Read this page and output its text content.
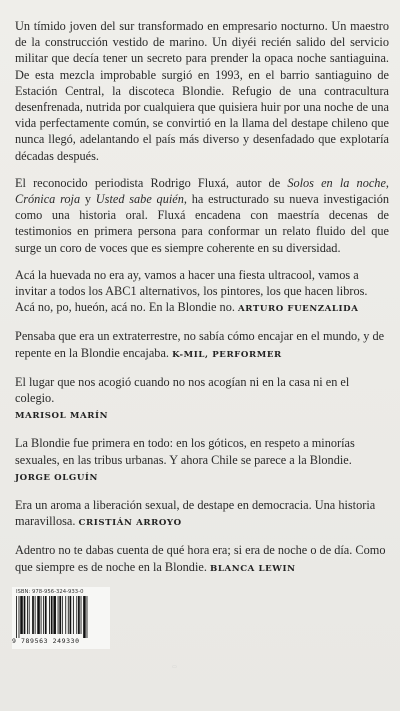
Un tímido joven del sur transformado en empresario nocturno. Un maestro de la construcción vestido de marino. Un diyéi recién salido del servicio militar que decía tener un secreto para prender la opaca noche santiaguina. De esta mezcla improbable surgió en 1993, en el barrio santiaguino de Estación Central, la discoteca Blondie. Refugio de una contracultura desenfrenada, nutrida por cualquiera que quisiera huir por una noche de una vida perfectamente común, se convirtió en la llama del destape chileno que nunca llegó, adelantando el país más diverso y desenfadado que explotaría décadas después.

El reconocido periodista Rodrigo Fluxá, autor de Solos en la noche, Crónica roja y Usted sabe quién, ha estructurado su nueva investigación como una historia oral. Fluxá encadena con maestría decenas de testimonios en primera persona para conformar un relato fluido del que surge un coro de voces que es siempre coherente en su diversidad.

Acá la huevada no era ay, vamos a hacer una fiesta ultracool, vamos a invitar a todos los ABC1 alternativos, los pintores, los que hacen libros. Acá no, po, hueón, acá no. En la Blondie no. ARTURO FUENZALIDA

Pensaba que era un extraterrestre, no sabía cómo encajar en el mundo, y de repente en la Blondie encajaba. K-MIL, PERFORMER

El lugar que nos acogió cuando no nos acogían ni en la casa ni en el colegio.
MARISOL MARÍN

La Blondie fue primera en todo: en los góticos, en respeto a minorías sexuales, en las tribus urbanas. Y ahora Chile se parece a la Blondie. JORGE OLGUÍN

Era un aroma a liberación sexual, de destape en democracia. Una historia maravillosa. CRISTIÁN ARROYO

Adentro no te dabas cuenta de qué hora era; si era de noche o de día. Como que siempre es de noche en la Blondie. BLANCA LEWIN

ISBN: 978-956-324-933-0
9 789563 249330
▭
